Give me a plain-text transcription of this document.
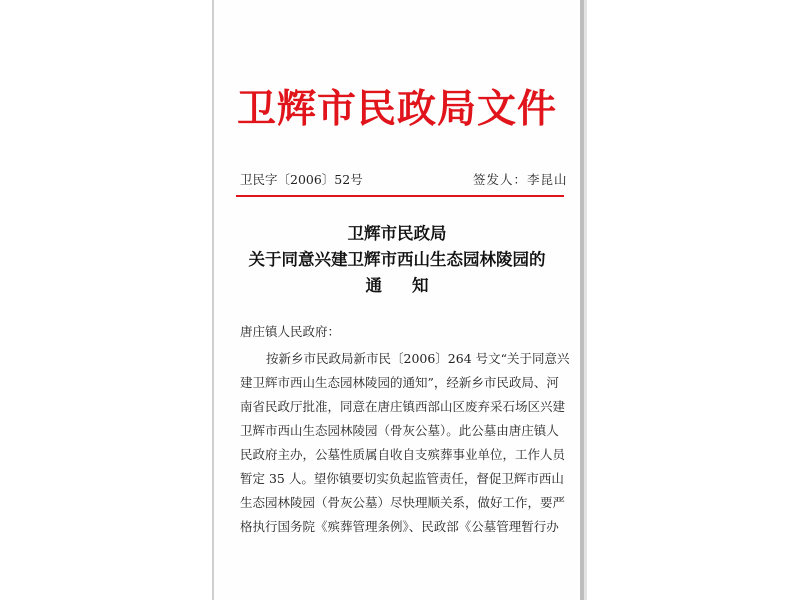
卫辉市民政局文件
卫民字〔2006〕52号	签发人：李昆山
卫辉市民政局
关于同意兴建卫辉市西山生态园林陵园的
通知
唐庄镇人民政府：
按新乡市民政局新市民〔2006〕264 号文“关于同意兴
建卫辉市西山生态园林陵园的通知”，经新乡市民政局、河
南省民政厅批准，同意在唐庄镇西部山区废弃采石场区兴建
卫辉市西山生态园林陵园（骨灰公墓）。此公墓由唐庄镇人
民政府主办，公墓性质属自收自支殡葬事业单位，工作人员
暂定 35 人。望你镇要切实负起监管责任，督促卫辉市西山
生态园林陵园（骨灰公墓）尽快理顺关系，做好工作，要严
格执行国务院《殡葬管理条例》、民政部《公墓管理暂行办
